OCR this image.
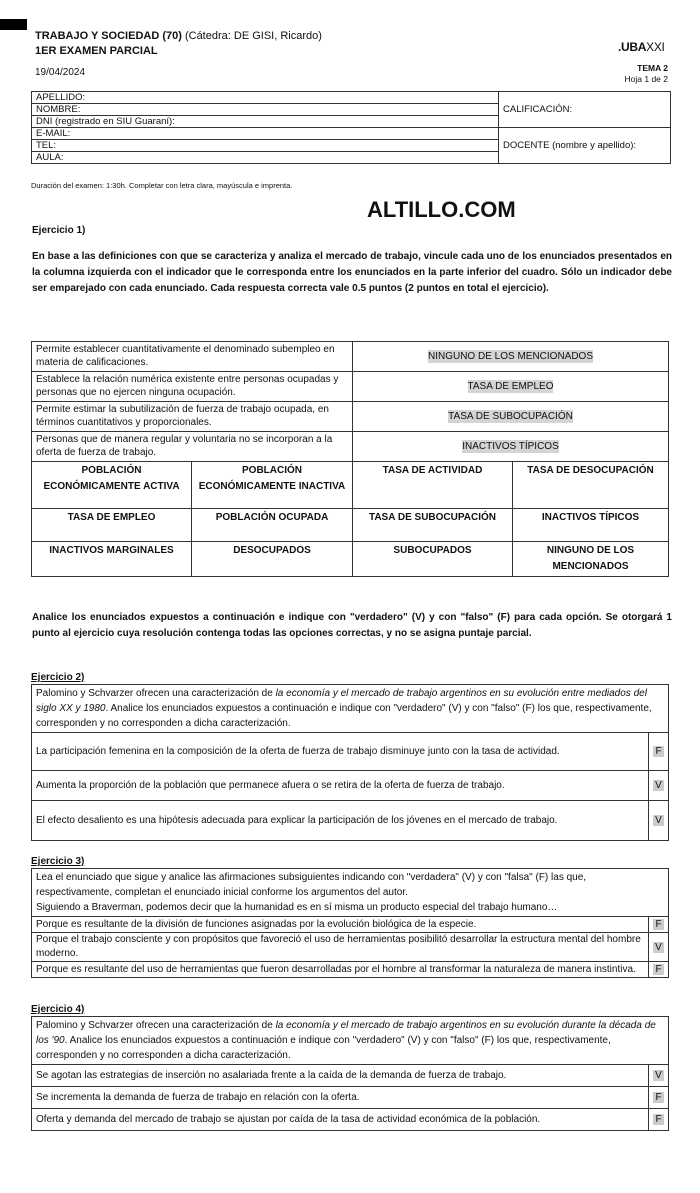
TRABAJO Y SOCIEDAD (70) (Cátedra: DE GISI, Ricardo)
1ER EXAMEN PARCIAL
19/04/2024
.UBAXXI
TEMA 2
Hoja 1 de 2
APELLIDO:	CALIFICACIÓN:
NOMBRE:	
DNI (registrado en SIU Guaraní):	
E-MAIL:	DOCENTE (nombre y apellido):
TEL:	
AULA:	
Duración del examen: 1:30h. Completar con letra clara, mayúscula e imprenta.
ALTILLO.COM
Ejercicio 1)
En base a las definiciones con que se caracteriza y analiza el mercado de trabajo, vincule cada uno de los enunciados presentados en la columna izquierda con el indicador que le corresponda entre los enunciados en la parte inferior del cuadro. Sólo un indicador debe ser emparejado con cada enunciado. Cada respuesta correcta vale 0.5 puntos (2 puntos en total el ejercicio).
Permite establecer cuantitativamente el denominado subempleo en materia de calificaciones.		NINGUNO DE LOS MENCIONADOS	
Establece la relación numérica existente entre personas ocupadas y personas que no ejercen ninguna ocupación.		TASA DE EMPLEO	
Permite estimar la subutilización de fuerza de trabajo ocupada, en términos cuantitativos y proporcionales.		TASA DE SUBOCUPACIÓN	
Personas que de manera regular y voluntaria no se incorporan a la oferta de fuerza de trabajo.		INACTIVOS TÍPICOS	
POBLACIÓN ECONÓMICAMENTE ACTIVA	POBLACIÓN ECONÓMICAMENTE INACTIVA	TASA DE ACTIVIDAD	TASA DE DESOCUPACIÓN
TASA DE EMPLEO	POBLACIÓN OCUPADA	TASA DE SUBOCUPACIÓN	INACTIVOS TÍPICOS
INACTIVOS MARGINALES	DESOCUPADOS	SUBOCUPADOS	NINGUNO DE LOS MENCIONADOS
Analice los enunciados expuestos a continuación e indique con "verdadero" (V) y con "falso" (F) para cada opción. Se otorgará 1 punto al ejercicio cuya resolución contenga todas las opciones correctas, y no se asigna puntaje parcial.
Ejercicio 2)
Palomino y Schvarzer ofrecen una caracterización de la economía y el mercado de trabajo argentinos en su evolución entre mediados del siglo XX y 1980. Analice los enunciados expuestos a continuación e indique con "verdadero" (V) y con "falso" (F) los que, respectivamente, corresponden y no corresponden a dicha caracterización.	
La participación femenina en la composición de la oferta de fuerza de trabajo disminuye junto con la tasa de actividad.	F
Aumenta la proporción de la población que permanece afuera o se retira de la oferta de fuerza de trabajo.	V
El efecto desaliento es una hipótesis adecuada para explicar la participación de los jóvenes en el mercado de trabajo.	V
Ejercicio 3)
Lea el enunciado que sigue y analice las afirmaciones subsiguientes indicando con "verdadera" (V) y con "falsa" (F) las que, respectivamente, completan el enunciado inicial conforme los argumentos del autor.
Siguiendo a Braverman, podemos decir que la humanidad es en sí misma un producto especial del trabajo humano…	
Porque es resultante de la división de funciones asignadas por la evolución biológica de la especie.	F
Porque el trabajo consciente y con propósitos que favoreció el uso de herramientas posibilitó desarrollar la estructura mental del hombre moderno.	V
Porque es resultante del uso de herramientas que fueron desarrolladas por el hombre al transformar la naturaleza de manera instintiva.	F
Ejercicio 4)
Palomino y Schvarzer ofrecen una caracterización de la economía y el mercado de trabajo argentinos en su evolución durante la década de los '90. Analice los enunciados expuestos a continuación e indique con "verdadero" (V) y con "falso" (F) los que, respectivamente, corresponden y no corresponden a dicha caracterización.	
Se agotan las estrategias de inserción no asalariada frente a la caída de la demanda de fuerza de trabajo.	V
Se incrementa la demanda de fuerza de trabajo en relación con la oferta.	F
Oferta y demanda del mercado de trabajo se ajustan por caída de la tasa de actividad económica de la población.	F
